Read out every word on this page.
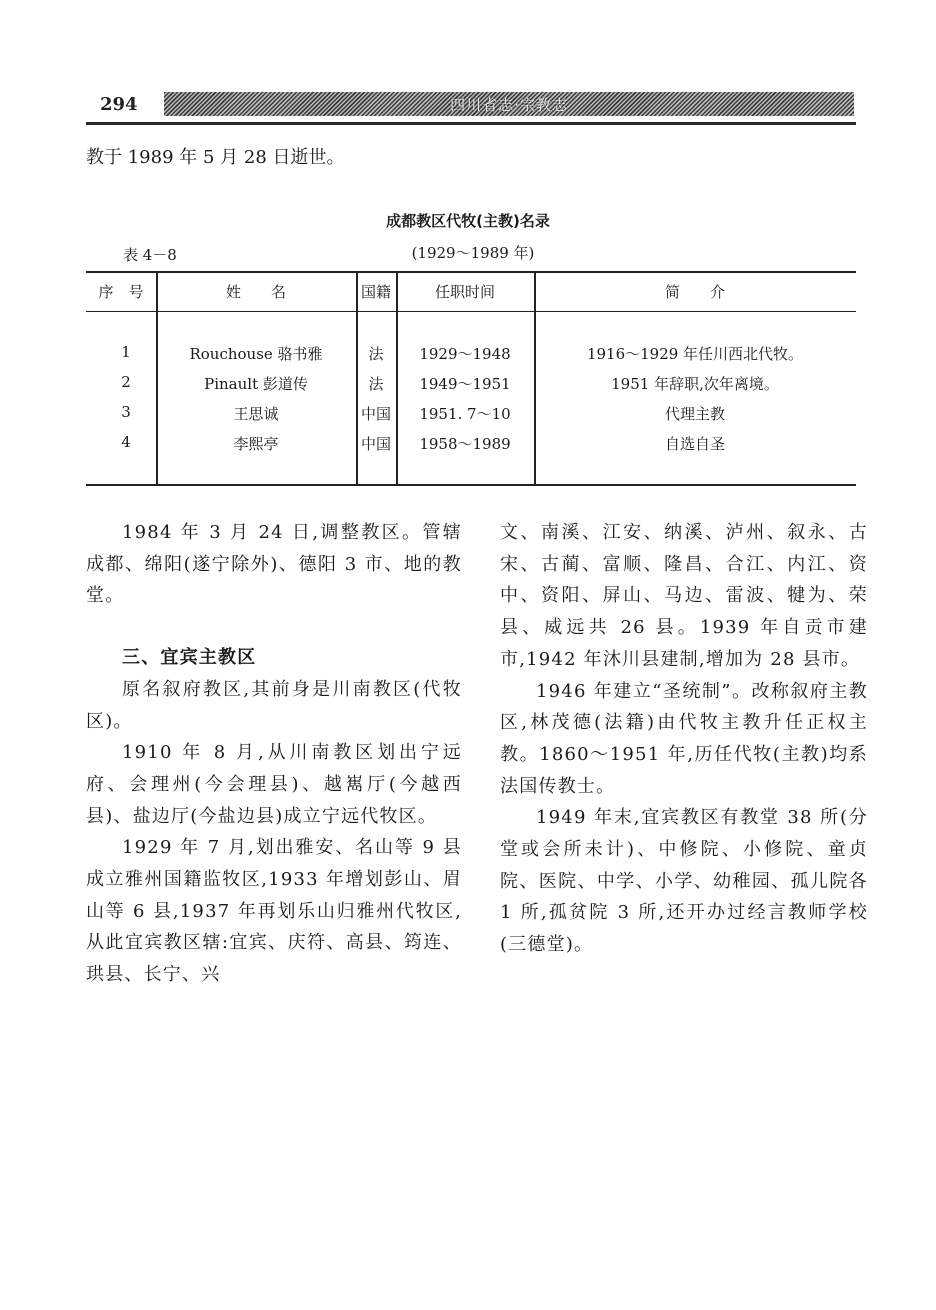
294	四川省志·宗教志
教于 1989 年 5 月 28 日逝世。
成都教区代牧(主教)名录
表 4－8	(1929～1989 年)
序　号	姓　　名	国籍	任职时间	简　　介
1	Rouchouse 骆书雅	法	1929～1948	1916～1929 年任川西北代牧。
2	Pinault 彭道传	法	1949～1951	1951 年辞职,次年离境。
3	王思诚	中国	1951. 7～10	代理主教
4	李熙亭	中国	1958～1989	自选自圣

1984 年 3 月 24 日,调整教区。管辖成都、绵阳(遂宁除外)、德阳 3 市、地的教堂。

三、宜宾主教区

原名叙府教区,其前身是川南教区(代牧区)。

1910 年 8 月,从川南教区划出宁远府、会理州(今会理县)、越嶲厅(今越西县)、盐边厅(今盐边县)成立宁远代牧区。

1929 年 7 月,划出雅安、名山等 9 县成立雅州国籍监牧区,1933 年增划彭山、眉山等 6 县,1937 年再划乐山归雅州代牧区,从此宜宾教区辖:宜宾、庆符、高县、筠连、珙县、长宁、兴

文、南溪、江安、纳溪、泸州、叙永、古宋、古蔺、富顺、隆昌、合江、内江、资中、资阳、屏山、马边、雷波、犍为、荣县、威远共 26 县。1939 年自贡市建市,1942 年沐川县建制,增加为 28 县市。

1946 年建立“圣统制”。改称叙府主教区,林茂德(法籍)由代牧主教升任正权主教。1860～1951 年,历任代牧(主教)均系法国传教士。

1949 年末,宜宾教区有教堂 38 所(分堂或会所未计)、中修院、小修院、童贞院、医院、中学、小学、幼稚园、孤儿院各 1 所,孤贫院 3 所,还开办过经言教师学校(三德堂)。
